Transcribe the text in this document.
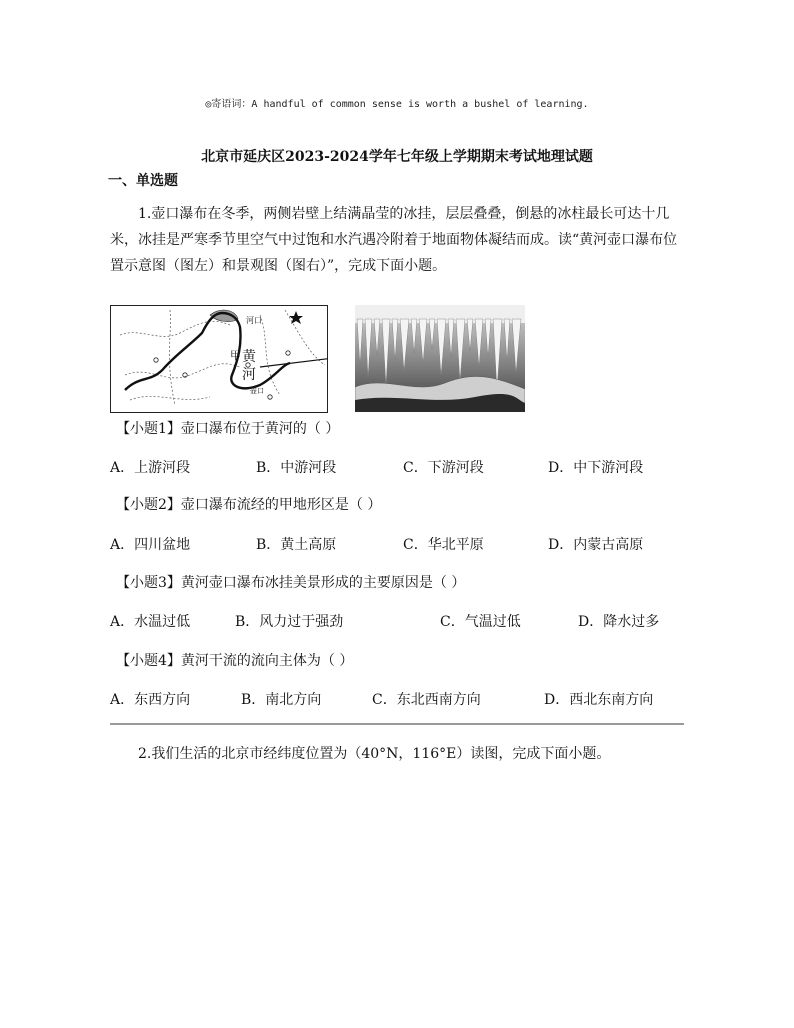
◎寄语词：A handful of common sense is worth a bushel of learning.
北京市延庆区2023-2024学年七年级上学期期末考试地理试题
一、单选题
1.壶口瀑布在冬季，两侧岩壁上结满晶莹的冰挂，层层叠叠，倒悬的冰柱最长可达十几米，冰挂是严寒季节里空气中过饱和水汽遇冷附着于地面物体凝结而成。读“黄河壶口瀑布位置示意图（图左）和景观图（图右）”，完成下面小题。
甲 黄
河
河口
壶口
【小题1】壶口瀑布位于黄河的（ ）
A．上游河段	B．中游河段	C．下游河段	D．中下游河段
【小题2】壶口瀑布流经的甲地形区是（ ）
A．四川盆地	B．黄土高原	C．华北平原	D．内蒙古高原
【小题3】黄河壶口瀑布冰挂美景形成的主要原因是（ ）
A．水温过低	B．风力过于强劲	C．气温过低	D．降水过多
【小题4】黄河干流的流向主体为（ ）
A．东西方向	B．南北方向	C．东北西南方向	D．西北东南方向
2.我们生活的北京市经纬度位置为（40°N，116°E）读图，完成下面小题。
